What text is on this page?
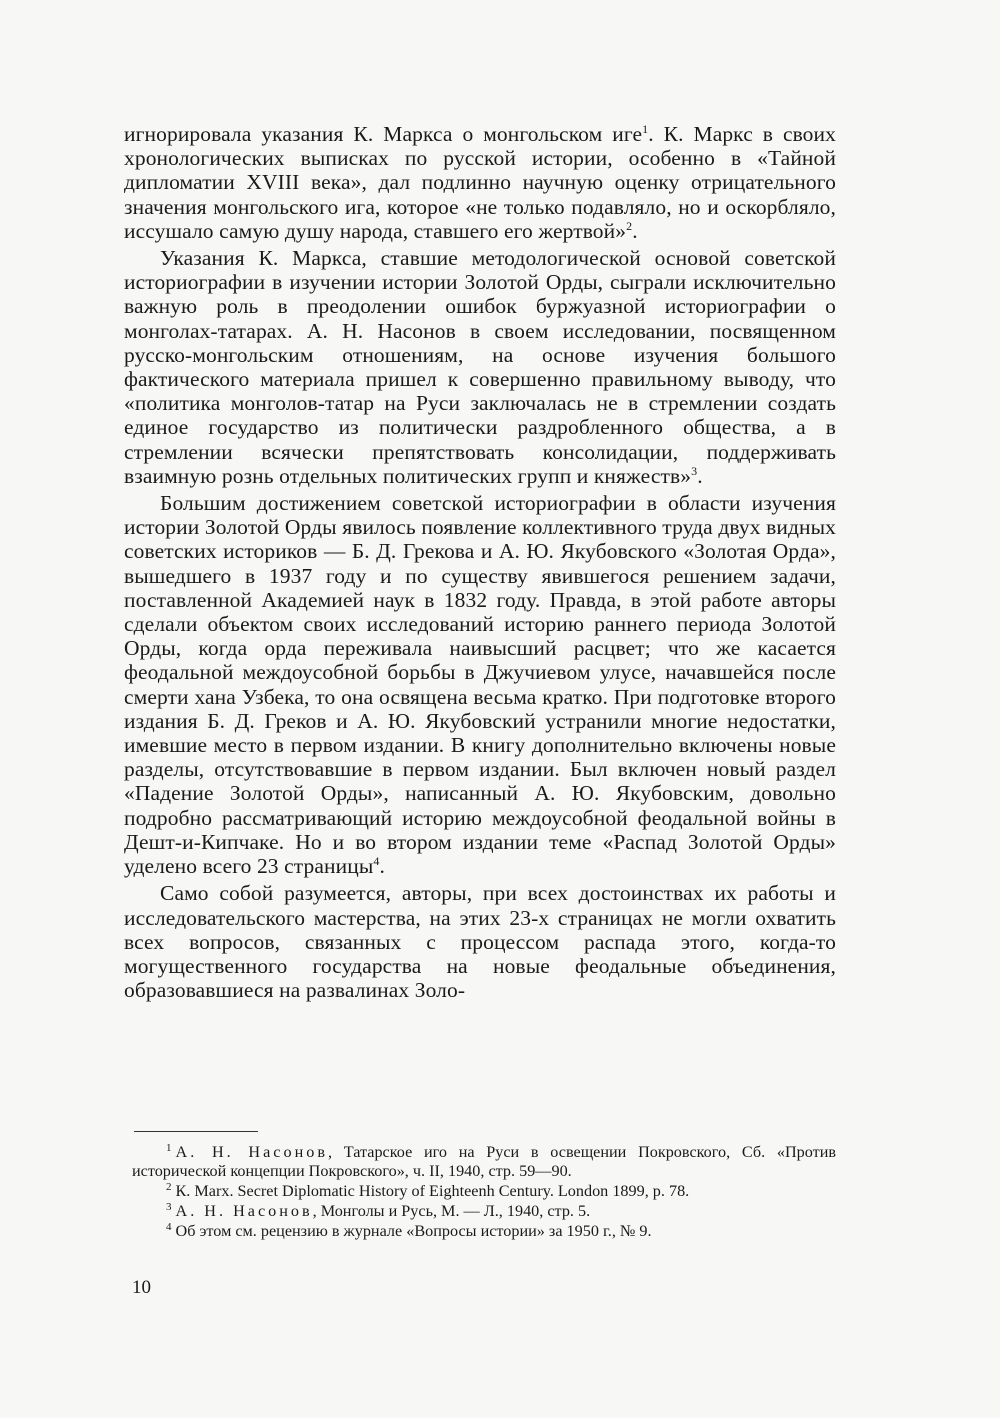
игнорировала указания К. Маркса о монгольском иге$^1$. К. Маркс в своих хронологических выписках по русской истории, особенно в «Тайной дипломатии XVIII века», дал подлинно научную оценку отрицательного значения монгольского ига, которое «не только подавляло, но и оскорбляло, иссушало самую душу народа, ставшего его жертвой»$^2$.

Указания К. Маркса, ставшие методологической основой советской историографии в изучении истории Золотой Орды, сыграли исключительно важную роль в преодолении ошибок буржуазной историографии о монголах-татарах. А. Н. Насонов в своем исследовании, посвященном русско-монгольским отношениям, на основе изучения большого фактического материала пришел к совершенно правильному выводу, что «политика монголов-татар на Руси заключалась не в стремлении создать единое государство из политически раздробленного общества, а в стремлении всячески препятствовать консолидации, поддерживать взаимную рознь отдельных политических групп и княжеств»$^3$.

Большим достижением советской историографии в области изучения истории Золотой Орды явилось появление коллективного труда двух видных советских историков — Б. Д. Грекова и А. Ю. Якубовского «Золотая Орда», вышедшего в 1937 году и по существу явившегося решением задачи, поставленной Академией наук в 1832 году. Правда, в этой работе авторы сделали объектом своих исследований историю раннего периода Золотой Орды, когда орда переживала наивысший расцвет; что же касается феодальной междоусобной борьбы в Джучиевом улусе, начавшейся после смерти хана Узбека, то она освящена весьма кратко. При подготовке второго издания Б. Д. Греков и А. Ю. Якубовский устранили многие недостатки, имевшие место в первом издании. В книгу дополнительно включены новые разделы, отсутствовавшие в первом издании. Был включен новый раздел «Падение Золотой Орды», написанный А. Ю. Якубовским, довольно подробно рассматривающий историю междоусобной феодальной войны в Дешт-и-Кипчаке. Но и во втором издании теме «Распад Золотой Орды» уделено всего 23 страницы$^4$.

Само собой разумеется, авторы, при всех достоинствах их работы и исследовательского мастерства, на этих 23-х страницах не могли охватить всех вопросов, связанных с процессом распада этого, когда-то могущественного государства на новые феодальные объединения, образовавшиеся на развалинах Золо-

$^1$ А. Н. Насонов, Татарское иго на Руси в освещении Покровского, Сб. «Против исторической концепции Покровского», ч. II, 1940, стр. 59—90.

$^2$ К. Marx. Secret Diplomatic History of Eighteenh Century. London 1899, p. 78.

$^3$ А. Н. Насонов, Монголы и Русь, М. — Л., 1940, стр. 5.

$^4$ Об этом см. рецензию в журнале «Вопросы истории» за 1950 г., № 9.

10
